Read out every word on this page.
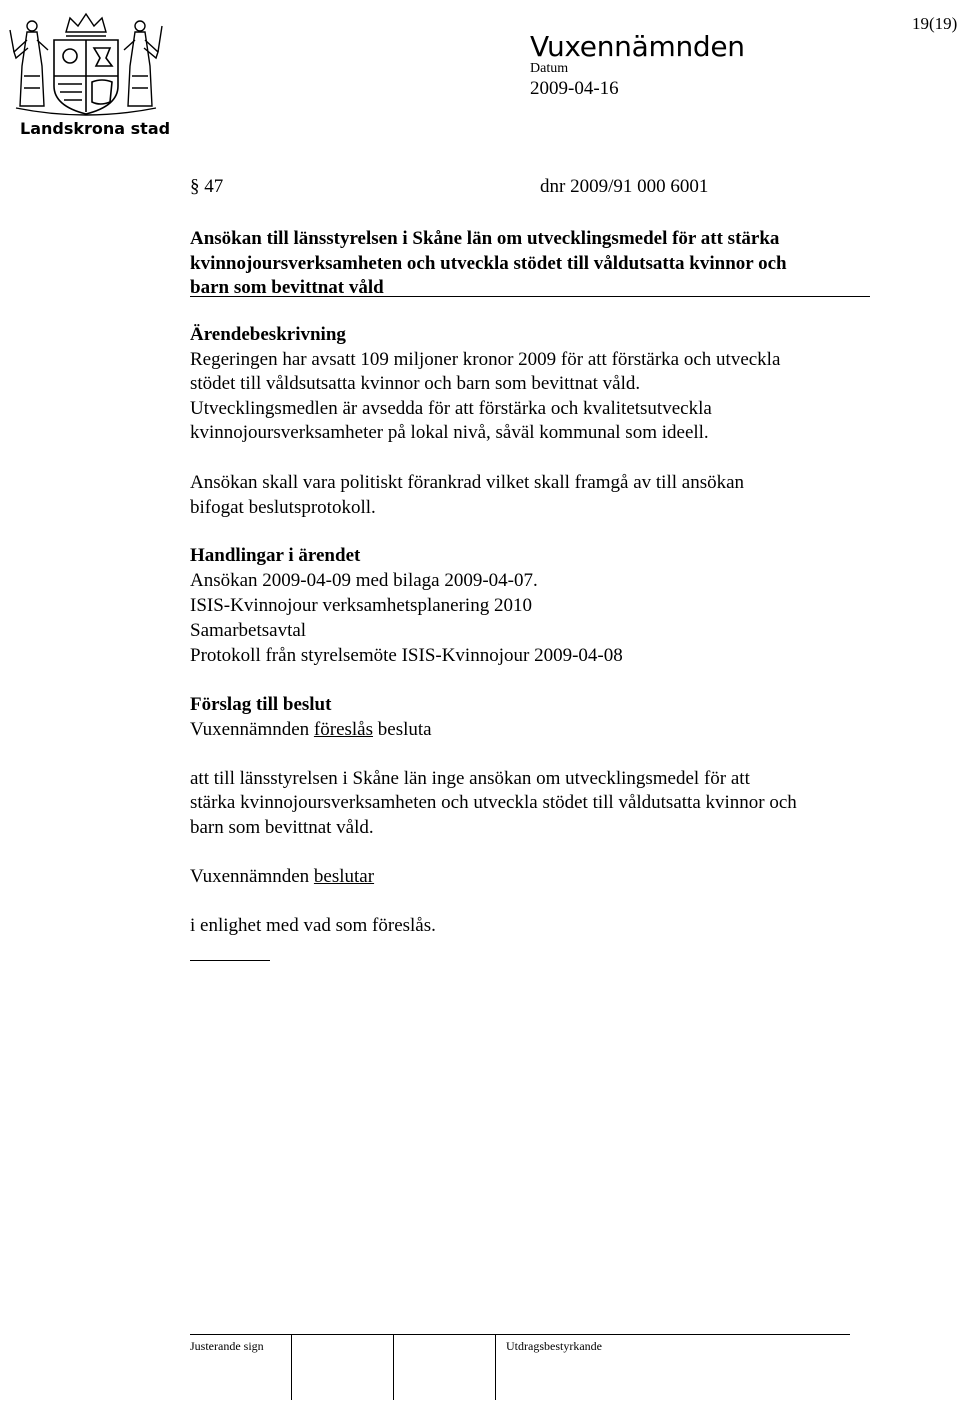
Landskrona stad
19(19)
Vuxennämnden
Datum
2009-04-16
§ 47	dnr 2009/91 000 6001
Ansökan till länsstyrelsen i Skåne län om utvecklingsmedel för att stärka
kvinnojoursverksamheten och utveckla stödet till våldutsatta kvinnor och
barn som bevittnat våld
Ärendebeskrivning
Regeringen har avsatt 109 miljoner kronor 2009 för att förstärka och utveckla
stödet till våldsutsatta kvinnor och barn som bevittnat våld.
Utvecklingsmedlen är avsedda för att förstärka och kvalitetsutveckla
kvinnojoursverksamheter på lokal nivå, såväl kommunal som ideell.
Ansökan skall vara politiskt förankrad vilket skall framgå av till ansökan
bifogat beslutsprotokoll.
Handlingar i ärendet
Ansökan 2009-04-09 med bilaga 2009-04-07.
ISIS-Kvinnojour verksamhetsplanering 2010
Samarbetsavtal
Protokoll från styrelsemöte ISIS-Kvinnojour 2009-04-08
Förslag till beslut
Vuxennämnden föreslås besluta
att till länsstyrelsen i Skåne län inge ansökan om utvecklingsmedel för att
stärka kvinnojoursverksamheten och utveckla stödet till våldutsatta kvinnor och
barn som bevittnat våld.
Vuxennämnden beslutar
i enlighet med vad som föreslås.
Justerande sign	Utdragsbestyrkande
